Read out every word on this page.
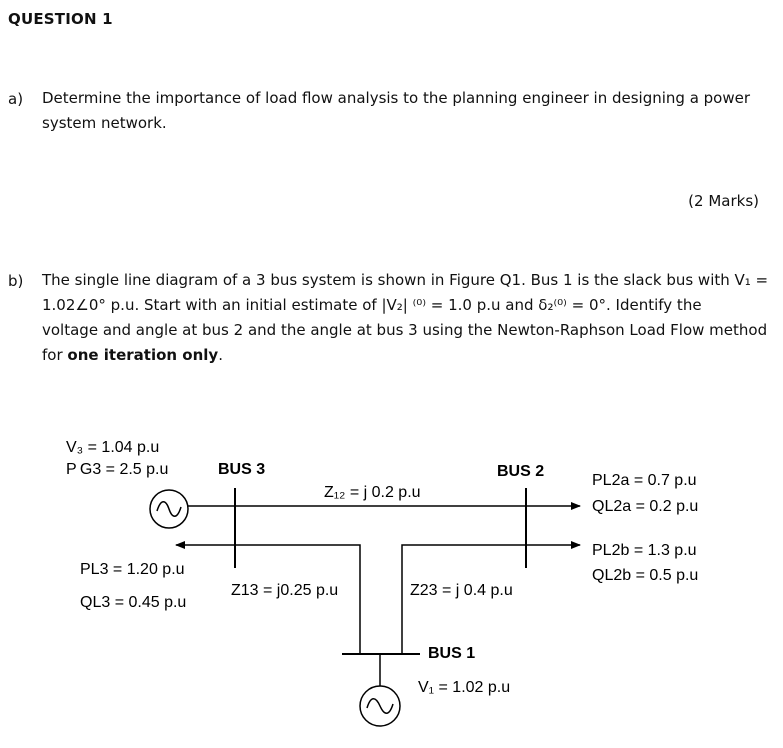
QUESTION 1
a) Determine the importance of load flow analysis to the planning engineer in designing a power
system network.
(2 Marks)
b) The single line diagram of a 3 bus system is shown in Figure Q1. Bus 1 is the slack bus with V₁ =
1.02∠0° p.u. Start with an initial estimate of |V₂| ⁽⁰⁾ = 1.0 p.u and δ₂⁽⁰⁾ = 0°. Identify the
voltage and angle at bus 2 and the angle at bus 3 using the Newton-Raphson Load Flow method
for one iteration only.
V₃ = 1.04 p.u
P G3 = 2.5 p.u	BUS 3	BUS 2
Z₁₂ = j 0.2 p.u
PL3 = 1.20 p.u
QL3 = 0.45 p.u
Z13 = j0.25 p.u	Z23 = j 0.4 p.u
PL2a = 0.7 p.u
QL2a = 0.2 p.u
PL2b = 1.3 p.u
QL2b = 0.5 p.u
BUS 1
V₁ = 1.02 p.u
